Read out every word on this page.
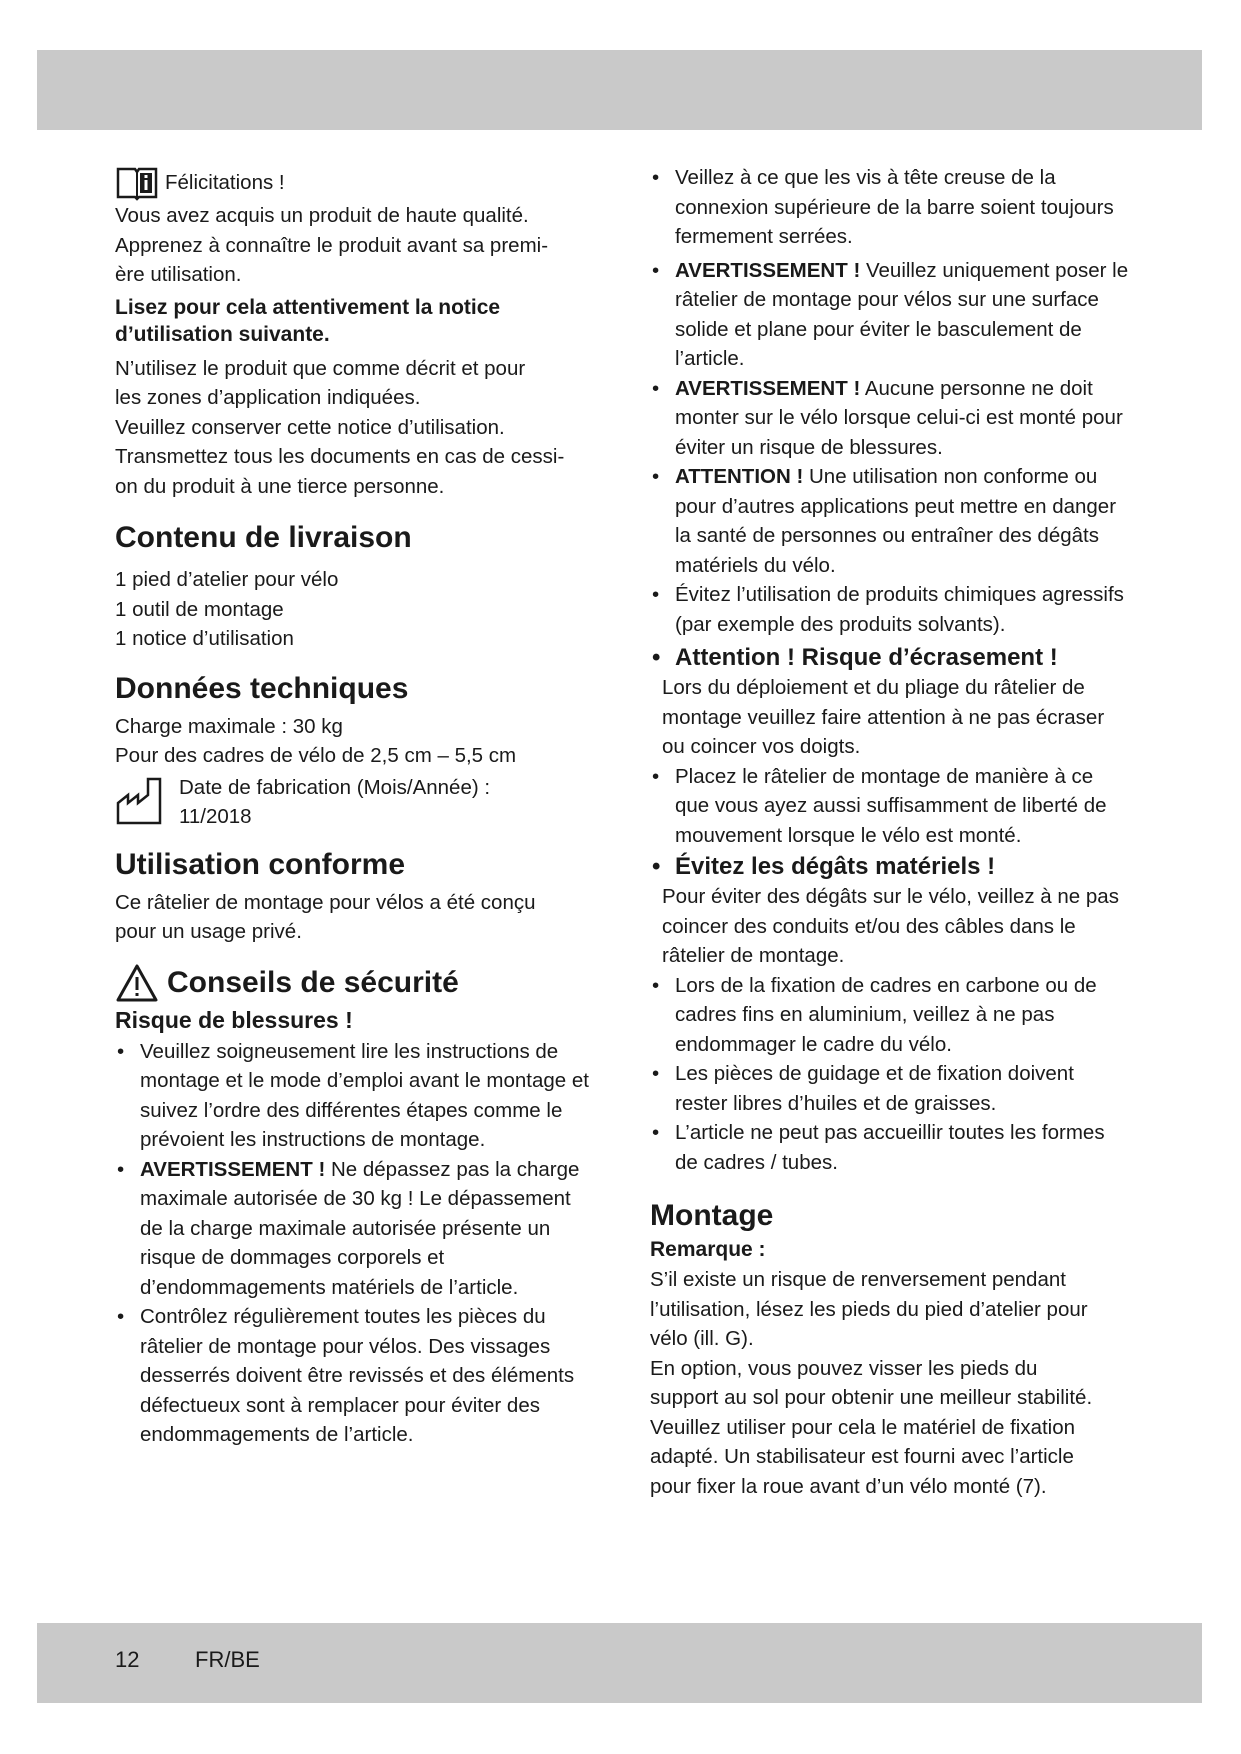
Félicitations !

Vous avez acquis un produit de haute qualité.

Apprenez à connaître le produit avant sa premi-

ère utilisation.

Lisez pour cela attentivement la notice d’utilisation suivante.

N’utilisez le produit que comme décrit et pour

les zones d’application indiquées.

Veuillez conserver cette notice d’utilisation.

Transmettez tous les documents en cas de cessi-

on du produit à une tierce personne.

Contenu de livraison

1 pied d’atelier pour vélo

1 outil de montage

1 notice d’utilisation

Données techniques

Charge maximale : 30 kg

Pour des cadres de vélo de 2,5 cm – 5,5 cm

Date de fabrication (Mois/Année) :

11/2018

Utilisation conforme

Ce râtelier de montage pour vélos a été conçu

pour un usage privé.

Conseils de sécurité
Risque de blessures !
• Veuillez soigneusement lire les instructions de montage et le mode d’emploi avant le montage et suivez l’ordre des différentes étapes comme le prévoient les instructions de montage.
• AVERTISSEMENT ! Ne dépassez pas la charge maximale autorisée de 30 kg ! Le dépassement de la charge maximale autorisée présente un risque de dommages corporels et d’endommagements matériels de l’article.
• Contrôlez régulièrement toutes les pièces du râtelier de montage pour vélos. Des vissages desserrés doivent être revissés et des éléments défectueux sont à remplacer pour éviter des endommagements de l’article.
• Veillez à ce que les vis à tête creuse de la connexion supérieure de la barre soient toujours fermement serrées.
• AVERTISSEMENT ! Veuillez uniquement poser le râtelier de montage pour vélos sur une surface solide et plane pour éviter le basculement de l’article.
• AVERTISSEMENT ! Aucune personne ne doit monter sur le vélo lorsque celui-ci est monté pour éviter un risque de blessures.
• ATTENTION ! Une utilisation non conforme ou pour d’autres applications peut mettre en danger la santé de personnes ou entraîner des dégâts matériels du vélo.
• Évitez l’utilisation de produits chimiques agressifs (par exemple des produits solvants).
• Attention ! Risque d’écrasement !

Lors du déploiement et du pliage du râtelier de montage veuillez faire attention à ne pas écraser ou coincer vos doigts.

• Placez le râtelier de montage de manière à ce que vous ayez aussi suffisamment de liberté de mouvement lorsque le vélo est monté.
• Évitez les dégâts matériels !

Pour éviter des dégâts sur le vélo, veillez à ne pas coincer des conduits et/ou des câbles dans le râtelier de montage.

• Lors de la fixation de cadres en carbone ou de cadres fins en aluminium, veillez à ne pas endommager le cadre du vélo.
• Les pièces de guidage et de fixation doivent rester libres d’huiles et de graisses.
• L’article ne peut pas accueillir toutes les formes de cadres / tubes.
Montage
Remarque :

S’il existe un risque de renversement pendant

l’utilisation, lésez les pieds du pied d’atelier pour

vélo (ill. G).

En option, vous pouvez visser les pieds du

support au sol pour obtenir une meilleur stabilité.

Veuillez utiliser pour cela le matériel de fixation

adapté. Un stabilisateur est fourni avec l’article

pour fixer la roue avant d’un vélo monté (7).

12	FR/BE
